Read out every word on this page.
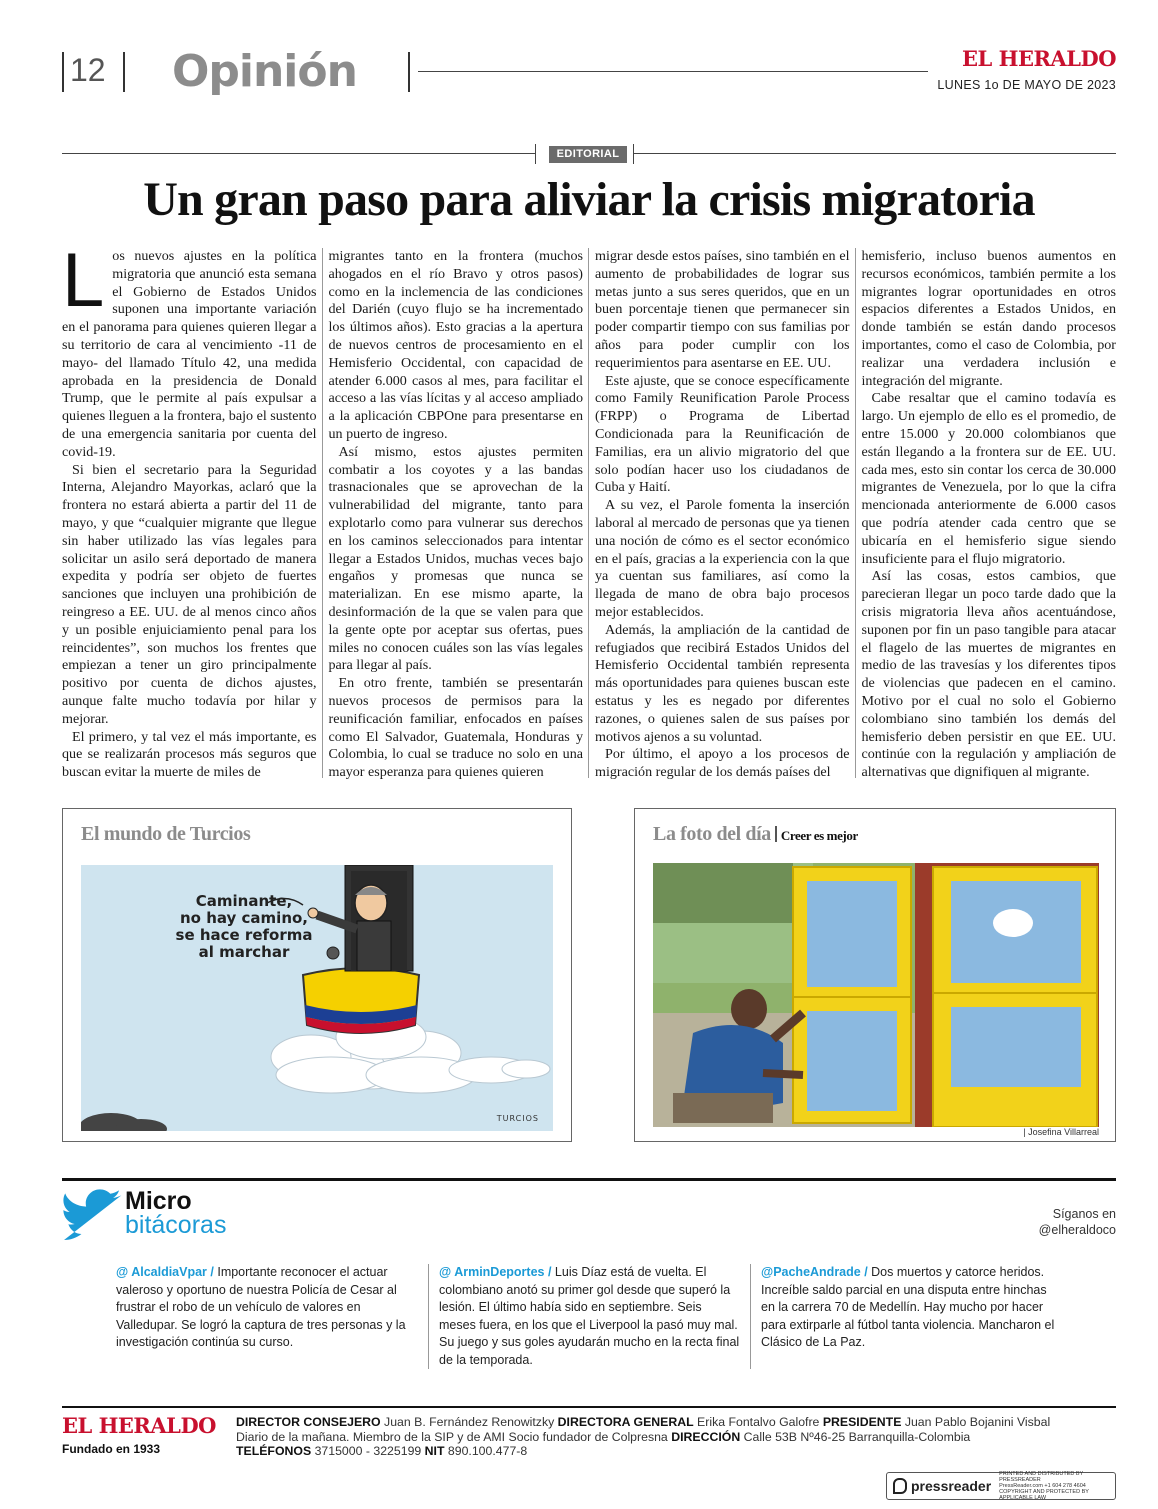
12 Opinión	EL HERALDO
LUNES 1o DE MAYO DE 2023
EDITORIAL
Un gran paso para aliviar la crisis migratoria
L os nuevos ajustes en la política migratoria que anunció esta semana el Gobierno de Estados Unidos suponen una importante variación en el panorama para quienes quieren llegar a su territorio de cara al vencimiento -11 de mayo- del llamado Título 42, una medida aprobada en la presidencia de Donald Trump, que le permite al país expulsar a quienes lleguen a la frontera, bajo el sustento de una emergencia sanitaria por cuenta del covid-19.

Si bien el secretario para la Seguridad Interna, Alejandro Mayorkas, aclaró que la frontera no estará abierta a partir del 11 de mayo, y que “cualquier migrante que llegue sin haber utilizado las vías legales para solicitar un asilo será deportado de manera expedita y podría ser objeto de fuertes sanciones que incluyen una prohibición de reingreso a EE. UU. de al menos cinco años y un posible enjuiciamiento penal para los reincidentes”, son muchos los frentes que empiezan a tener un giro principalmente positivo por cuenta de dichos ajustes, aunque falte mucho todavía por hilar y mejorar.

El primero, y tal vez el más importante, es que se realizarán procesos más seguros que buscan evitar la muerte de miles de

migrantes tanto en la frontera (muchos ahogados en el río Bravo y otros pasos) como en la inclemencia de las condiciones del Darién (cuyo flujo se ha incrementado los últimos años). Esto gracias a la apertura de nuevos centros de procesamiento en el Hemisferio Occidental, con capacidad de atender 6.000 casos al mes, para facilitar el acceso a las vías lícitas y al acceso ampliado a la aplicación CBPOne para presentarse en un puerto de ingreso.

Así mismo, estos ajustes permiten combatir a los coyotes y a las bandas trasnacionales que se aprovechan de la vulnerabilidad del migrante, tanto para explotarlo como para vulnerar sus derechos en los caminos seleccionados para intentar llegar a Estados Unidos, muchas veces bajo engaños y promesas que nunca se materializan. En ese mismo aparte, la desinformación de la que se valen para que la gente opte por aceptar sus ofertas, pues miles no conocen cuáles son las vías legales para llegar al país.

En otro frente, también se presentarán nuevos procesos de permisos para la reunificación familiar, enfocados en países como El Salvador, Guatemala, Honduras y Colombia, lo cual se traduce no solo en una mayor esperanza para quienes quieren

migrar desde estos países, sino también en el aumento de probabilidades de lograr sus metas junto a sus seres queridos, que en un buen porcentaje tienen que permanecer sin poder compartir tiempo con sus familias por años para poder cumplir con los requerimientos para asentarse en EE. UU.

Este ajuste, que se conoce específicamente como Family Reunification Parole Process (FRPP) o Programa de Libertad Condicionada para la Reunificación de Familias, era un alivio migratorio del que solo podían hacer uso los ciudadanos de Cuba y Haití.

A su vez, el Parole fomenta la inserción laboral al mercado de personas que ya tienen una noción de cómo es el sector económico en el país, gracias a la experiencia con la que ya cuentan sus familiares, así como la llegada de mano de obra bajo procesos mejor establecidos.

Además, la ampliación de la cantidad de refugiados que recibirá Estados Unidos del Hemisferio Occidental también representa más oportunidades para quienes buscan este estatus y les es negado por diferentes razones, o quienes salen de sus países por motivos ajenos a su voluntad.

Por último, el apoyo a los procesos de migración regular de los demás países del

hemisferio, incluso buenos aumentos en recursos económicos, también permite a los migrantes lograr oportunidades en otros espacios diferentes a Estados Unidos, en donde también se están dando procesos importantes, como el caso de Colombia, por realizar una verdadera inclusión e integración del migrante.

Cabe resaltar que el camino todavía es largo. Un ejemplo de ello es el promedio, de entre 15.000 y 20.000 colombianos que están llegando a la frontera sur de EE. UU. cada mes, esto sin contar los cerca de 30.000 migrantes de Venezuela, por lo que la cifra mencionada anteriormente de 6.000 casos que podría atender cada centro que se ubicaría en el hemisferio sigue siendo insuficiente para el flujo migratorio.

Así las cosas, estos cambios, que parecieran llegar un poco tarde dado que la crisis migratoria lleva años acentuándose, suponen por fin un paso tangible para atacar el flagelo de las muertes de migrantes en medio de las travesías y los diferentes tipos de violencias que padecen en el camino. Motivo por el cual no solo el Gobierno colombiano sino también los demás del hemisferio deben persistir en que EE. UU. continúe con la regulación y ampliación de alternativas que dignifiquen al migrante.

El mundo de Turcios
Caminante,
no hay camino,
se hace reforma
al marchar
TURCIOS
La foto del día Creer es mejor
| Josefina Villarreal
Micro
bitácoras	Síganos en
@elheraldoco
@ AlcaldiaVpar / Importante reconocer el actuar valeroso y oportuno de nuestra Policía de Cesar al frustrar el robo de un vehículo de valores en Valledupar. Se logró la captura de tres personas y la investigación continúa su curso.
@ ArminDeportes / Luis Díaz está de vuelta. El colombiano anotó su primer gol desde que superó la lesión. El último había sido en septiembre. Seis meses fuera, en los que el Liverpool la pasó muy mal. Su juego y sus goles ayudarán mucho en la recta final de la temporada.
@PacheAndrade / Dos muertos y catorce heridos. Increíble saldo parcial en una disputa entre hinchas en la carrera 70 de Medellín. Hay mucho por hacer para extirparle al fútbol tanta violencia. Mancharon el Clásico de La Paz.
EL HERALDO
Fundado en 1933
DIRECTOR CONSEJERO Juan B. Fernández Renowitzky DIRECTORA GENERAL Erika Fontalvo Galofre PRESIDENTE Juan Pablo Bojanini Visbal
Diario de la mañana. Miembro de la SIP y de AMI Socio fundador de Colpresna DIRECCIÓN Calle 53B Nº46-25 Barranquilla-Colombia
TELÉFONOS 3715000 - 3225199 NIT 890.100.477-8
pressreader
PRINTED AND DISTRIBUTED BY PRESSREADER
PressReader.com +1 604 278 4604
COPYRIGHT AND PROTECTED BY APPLICABLE LAW
